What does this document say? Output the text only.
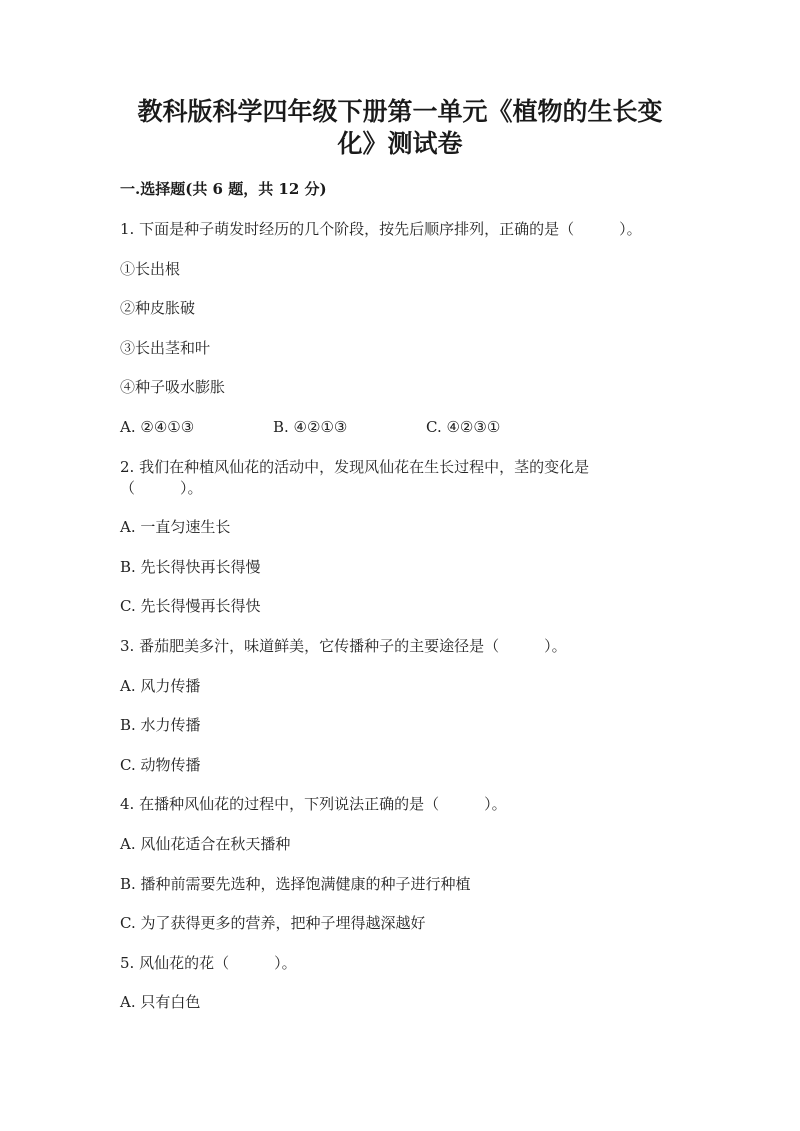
教科版科学四年级下册第一单元《植物的生长变
化》测试卷
一.选择题(共 6 题，共 12 分)
1. 下面是种子萌发时经历的几个阶段，按先后顺序排列，正确的是（　　　）。
①长出根
②种皮胀破
③长出茎和叶
④种子吸水膨胀
A. ②④①③	B. ④②①③	C. ④②③①
2. 我们在种植风仙花的活动中，发现风仙花在生长过程中，茎的变化是
（　　　）。
A. 一直匀速生长
B. 先长得快再长得慢
C. 先长得慢再长得快
3. 番茄肥美多汁，味道鲜美，它传播种子的主要途径是（　　　）。
A. 风力传播
B. 水力传播
C. 动物传播
4. 在播种风仙花的过程中，下列说法正确的是（　　　）。
A. 风仙花适合在秋天播种
B. 播种前需要先选种，选择饱满健康的种子进行种植
C. 为了获得更多的营养，把种子埋得越深越好
5. 风仙花的花（　　　）。
A. 只有白色
